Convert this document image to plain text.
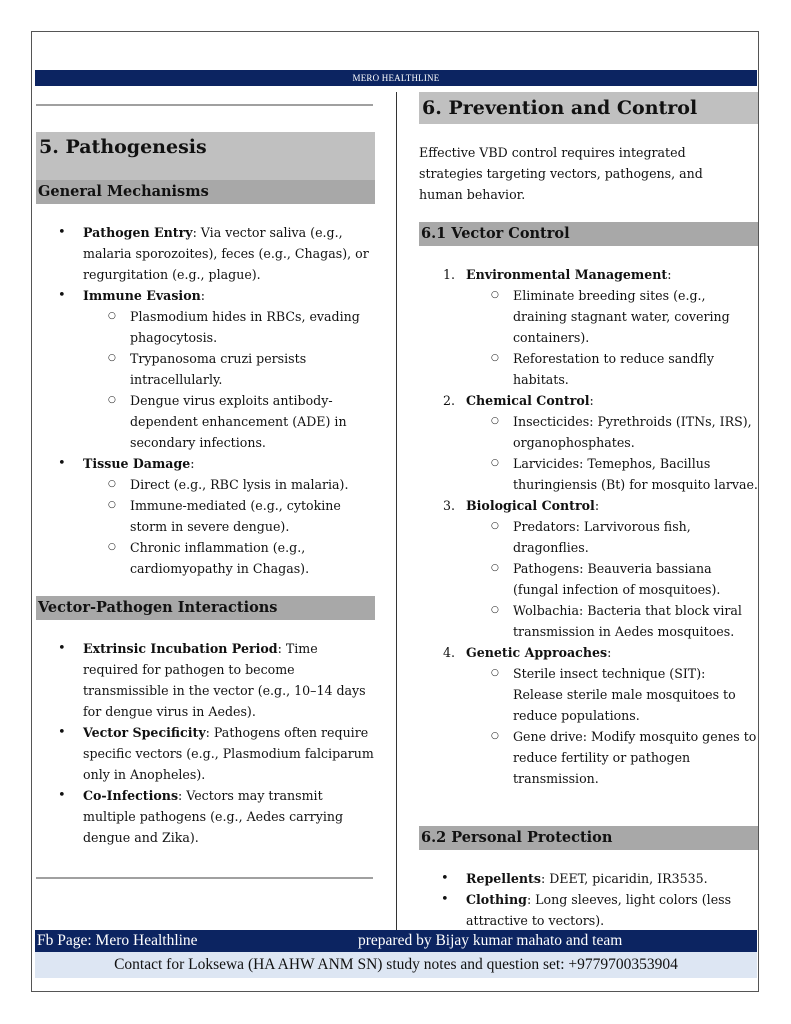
MERO HEALTHLINE
5. Pathogenesis
General Mechanisms
• Pathogen Entry: Via vector saliva (e.g., malaria sporozoites), feces (e.g., Chagas), or regurgitation (e.g., plague).
• Immune Evasion:
○ Plasmodium hides in RBCs, evading phagocytosis.
○ Trypanosoma cruzi persists intracellularly.
○ Dengue virus exploits antibody-dependent enhancement (ADE) in secondary infections.
• Tissue Damage:
○ Direct (e.g., RBC lysis in malaria).
○ Immune-mediated (e.g., cytokine storm in severe dengue).
○ Chronic inflammation (e.g., cardiomyopathy in Chagas).
Vector-Pathogen Interactions
• Extrinsic Incubation Period: Time required for pathogen to become transmissible in the vector (e.g., 10–14 days for dengue virus in Aedes).
• Vector Specificity: Pathogens often require specific vectors (e.g., Plasmodium falciparum only in Anopheles).
• Co-Infections: Vectors may transmit multiple pathogens (e.g., Aedes carrying dengue and Zika).
6. Prevention and Control
Effective VBD control requires integrated strategies targeting vectors, pathogens, and human behavior.
6.1 Vector Control
1. Environmental Management:
○ Eliminate breeding sites (e.g., draining stagnant water, covering containers).
○ Reforestation to reduce sandfly habitats.
2. Chemical Control:
○ Insecticides: Pyrethroids (ITNs, IRS), organophosphates.
○ Larvicides: Temephos, Bacillus thuringiensis (Bt) for mosquito larvae.
3. Biological Control:
○ Predators: Larvivorous fish, dragonflies.
○ Pathogens: Beauveria bassiana (fungal infection of mosquitoes).
○ Wolbachia: Bacteria that block viral transmission in Aedes mosquitoes.
4. Genetic Approaches:
○ Sterile insect technique (SIT): Release sterile male mosquitoes to reduce populations.
○ Gene drive: Modify mosquito genes to reduce fertility or pathogen transmission.
6.2 Personal Protection
• Repellents: DEET, picaridin, IR3535.
• Clothing: Long sleeves, light colors (less attractive to vectors).
Fb Page: Mero Healthline	prepared by Bijay kumar mahato and team
Contact for Loksewa (HA AHW ANM SN) study notes and question set: +9779700353904
